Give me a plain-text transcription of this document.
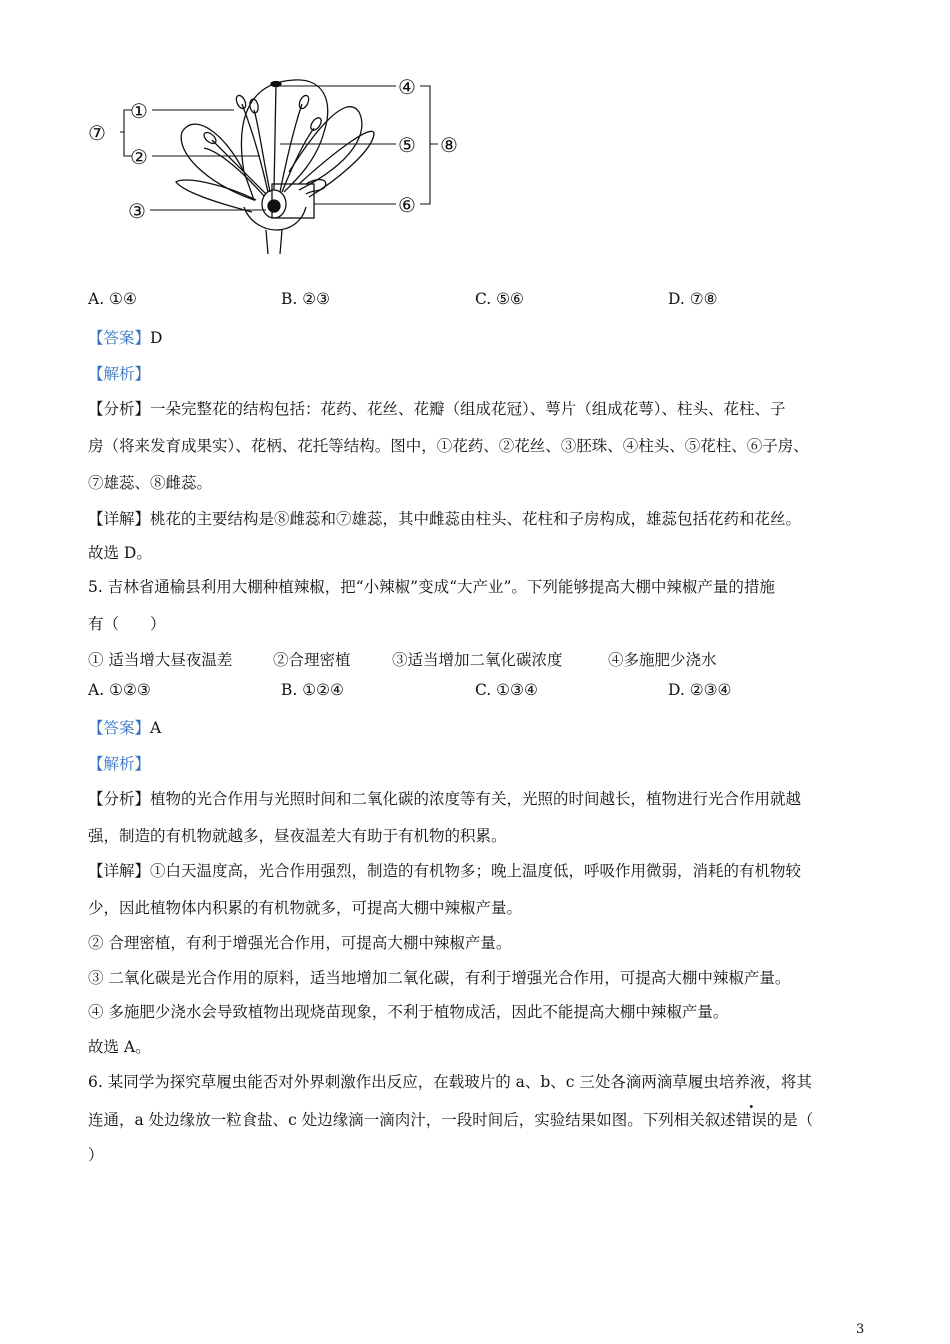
⑦
①
②
③
④
⑤
⑥
⑧
A. ①④	B. ②③	C. ⑤⑥	D. ⑦⑧
【答案】D
【解析】
【分析】一朵完整花的结构包括：花药、花丝、花瓣（组成花冠）、萼片（组成花萼）、柱头、花柱、子
房（将来发育成果实）、花柄、花托等结构。图中，①花药、②花丝、③胚珠、④柱头、⑤花柱、⑥子房、
⑦雄蕊、⑧雌蕊。
【详解】桃花的主要结构是⑧雌蕊和⑦雄蕊，其中雌蕊由柱头、花柱和子房构成，雄蕊包括花药和花丝。
故选 D。
5. 吉林省通榆县利用大棚种植辣椒，把“小辣椒”变成“大产业”。下列能够提高大棚中辣椒产量的措施
有（　　）
① 适当增大昼夜温差	②合理密植	③适当增加二氧化碳浓度	④多施肥少浇水
A. ①②③	B. ①②④	C. ①③④	D. ②③④
【答案】A
【解析】
【分析】植物的光合作用与光照时间和二氧化碳的浓度等有关，光照的时间越长，植物进行光合作用就越
强，制造的有机物就越多，昼夜温差大有助于有机物的积累。
【详解】①白天温度高，光合作用强烈，制造的有机物多；晚上温度低，呼吸作用微弱，消耗的有机物较
少，因此植物体内积累的有机物就多，可提高大棚中辣椒产量。
② 合理密植，有利于增强光合作用，可提高大棚中辣椒产量。
③ 二氧化碳是光合作用的原料，适当地增加二氧化碳，有利于增强光合作用，可提高大棚中辣椒产量。
④ 多施肥少浇水会导致植物出现烧苗现象，不利于植物成活，因此不能提高大棚中辣椒产量。
故选 A。
6. 某同学为探究草履虫能否对外界刺激作出反应，在载玻片的 a、b、c 三处各滴两滴草履虫培养液，将其
连通，a 处边缘放一粒食盐、c 处边缘滴一滴肉汁，一段时间后，实验结果如图。下列相关叙述错误的是（
）
3
